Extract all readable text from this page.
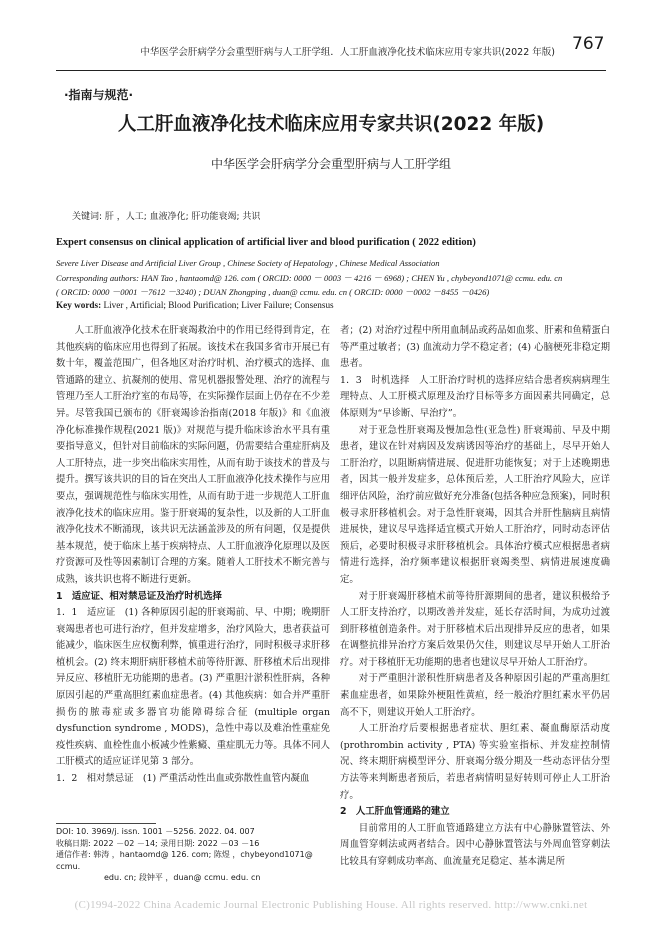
中华医学会肝病学分会重型肝病与人工肝学组．人工肝血液净化技术临床应用专家共识(2022 年版) 767
·指南与规范·
人工肝血液净化技术临床应用专家共识(2022 年版)
中华医学会肝病学分会重型肝病与人工肝学组
关键词: 肝 ，人工; 血液净化; 肝功能衰竭; 共识
Expert consensus on clinical application of artificial liver and blood purification ( 2022 edition)
Severe Liver Disease and Artificial Liver Group , Chinese Society of Hepatology , Chinese Medical Association
Corresponding authors: HAN Tao , hantaomd@ 126. com ( ORCID: 0000 － 0003 － 4216 － 6968) ; CHEN Yu , chybeyond1071@ ccmu. edu. cn
( ORCID: 0000 －0001 －7612 －3240) ; DUAN Zhongping , duan@ ccmu. edu. cn ( ORCID: 0000 －0002 －8455 －0426)
Key words: Liver , Artificial; Blood Purification; Liver Failure; Consensus

人工肝血液净化技术在肝衰竭救治中的作用已经得到肯定，在其他疾病的临床应用也得到了拓展。该技术在我国多省市开展已有数十年，覆盖范围广，但各地区对治疗时机、治疗模式的选择、血管通路的建立、抗凝剂的使用、常见机器报警处理、治疗的流程与管理乃至人工肝治疗室的布局等，在实际操作层面上仍存在不少差异。尽管我国已颁布的《肝衰竭诊治指南(2018 年版)》和《血液净化标准操作规程(2021 版)》对规范与提升临床诊治水平具有重要指导意义，但针对目前临床的实际问题，仍需要结合重症肝病及人工肝特点，进一步突出临床实用性，从而有助于该技术的普及与提升。撰写该共识的目的旨在突出人工肝血液净化技术操作与应用要点，强调规范性与临床实用性，从而有助于进一步规范人工肝血液净化技术的临床应用。鉴于肝衰竭的复杂性，以及新的人工肝血液净化技术不断涌现，该共识无法涵盖涉及的所有问题，仅是提供基本规范，使于临床上基于疾病特点、人工肝血液净化原理以及医疗资源可及性等因素制订合理的方案。随着人工肝技术不断完善与成熟，该共识也将不断进行更新。

1　适应证、相对禁忌证及治疗时机选择

1．1　适应证　(1) 各种原因引起的肝衰竭前、早、中期；晚期肝衰竭患者也可进行治疗，但并发症增多，治疗风险大，患者获益可能减少，临床医生应权衡利弊，慎重进行治疗，同时积极寻求肝移植机会。(2) 终末期肝病肝移植术前等待肝源、肝移植术后出现排异反应、移植肝无功能期的患者。(3) 严重胆汁淤积性肝病，各种原因引起的严重高胆红素血症患者。(4) 其他疾病：如合并严重肝损伤的脓毒症或多器官功能障碍综合征 (multiple organ dysfunction syndrome , MODS)，急性中毒以及难治性重症免疫性疾病、血栓性血小板减少性紫癜、重症肌无力等。具体不同人工肝模式的适应证详见第 3 部分。

1．2　相对禁忌证　(1) 严重活动性出血或弥散性血管内凝血

者；(2) 对治疗过程中所用血制品或药品如血浆、肝素和鱼精蛋白等严重过敏者；(3) 血流动力学不稳定者；(4) 心脑梗死非稳定期患者。

1．3　时机选择　人工肝治疗时机的选择应结合患者疾病病理生理特点、人工肝模式原理及治疗目标等多方面因素共同确定，总体原则为“早诊断、早治疗”。

对于亚急性肝衰竭及慢加急性(亚急性) 肝衰竭前、早及中期患者，建议在针对病因及发病诱因等治疗的基础上，尽早开始人工肝治疗，以阻断病情进展、促进肝功能恢复；对于上述晚期患者，因其一般并发症多，总体预后差，人工肝治疗风险大，应详细评估风险，治疗前应做好充分准备(包括各种应急预案)，同时积极寻求肝移植机会。对于急性肝衰竭，因其合并肝性脑病且病情进展快，建议尽早选择适宜模式开始人工肝治疗，同时动态评估预后，必要时积极寻求肝移植机会。具体治疗模式应根据患者病情进行选择，治疗频率建议根据肝衰竭类型、病情进展速度确定。

对于肝衰竭肝移植术前等待肝源期间的患者，建议积极给予人工肝支持治疗，以期改善并发症，延长存活时间，为成功过渡到肝移植创造条件。对于肝移植术后出现排异反应的患者，如果在调整抗排异治疗方案后效果仍欠佳，则建议尽早开始人工肝治疗。对于移植肝无功能期的患者也建议尽早开始人工肝治疗。

对于严重胆汁淤积性肝病患者及各种原因引起的严重高胆红素血症患者，如果除外梗阻性黄疸，经一般治疗胆红素水平仍居高不下，则建议开始人工肝治疗。

人工肝治疗后要根据患者症状、胆红素、凝血酶原活动度(prothrombin activity , PTA) 等实验室指标、并发症控制情况、终末期肝病模型评分、肝衰竭分级分期及一些动态评估分型方法等来判断患者预后，若患者病情明显好转则可停止人工肝治疗。

2　人工肝血管通路的建立

目前常用的人工肝血管通路建立方法有中心静脉置管法、外周血管穿刺法或两者结合。因中心静脉置管法与外周血管穿刺法比较具有穿刺成功率高、血流量充足稳定、基本满足所

DOI: 10. 3969/j. issn. 1001 －5256. 2022. 04. 007
收稿日期: 2022 －02 －14; 录用日期: 2022 －03 －16
通信作者: 韩涛 ，hantaomd@ 126. com; 陈煜 ，chybeyond1071@ ccmu.
edu. cn; 段钟平 ，duan@ ccmu. edu. cn
(C)1994-2022 China Academic Journal Electronic Publishing House. All rights reserved. http://www.cnki.net
